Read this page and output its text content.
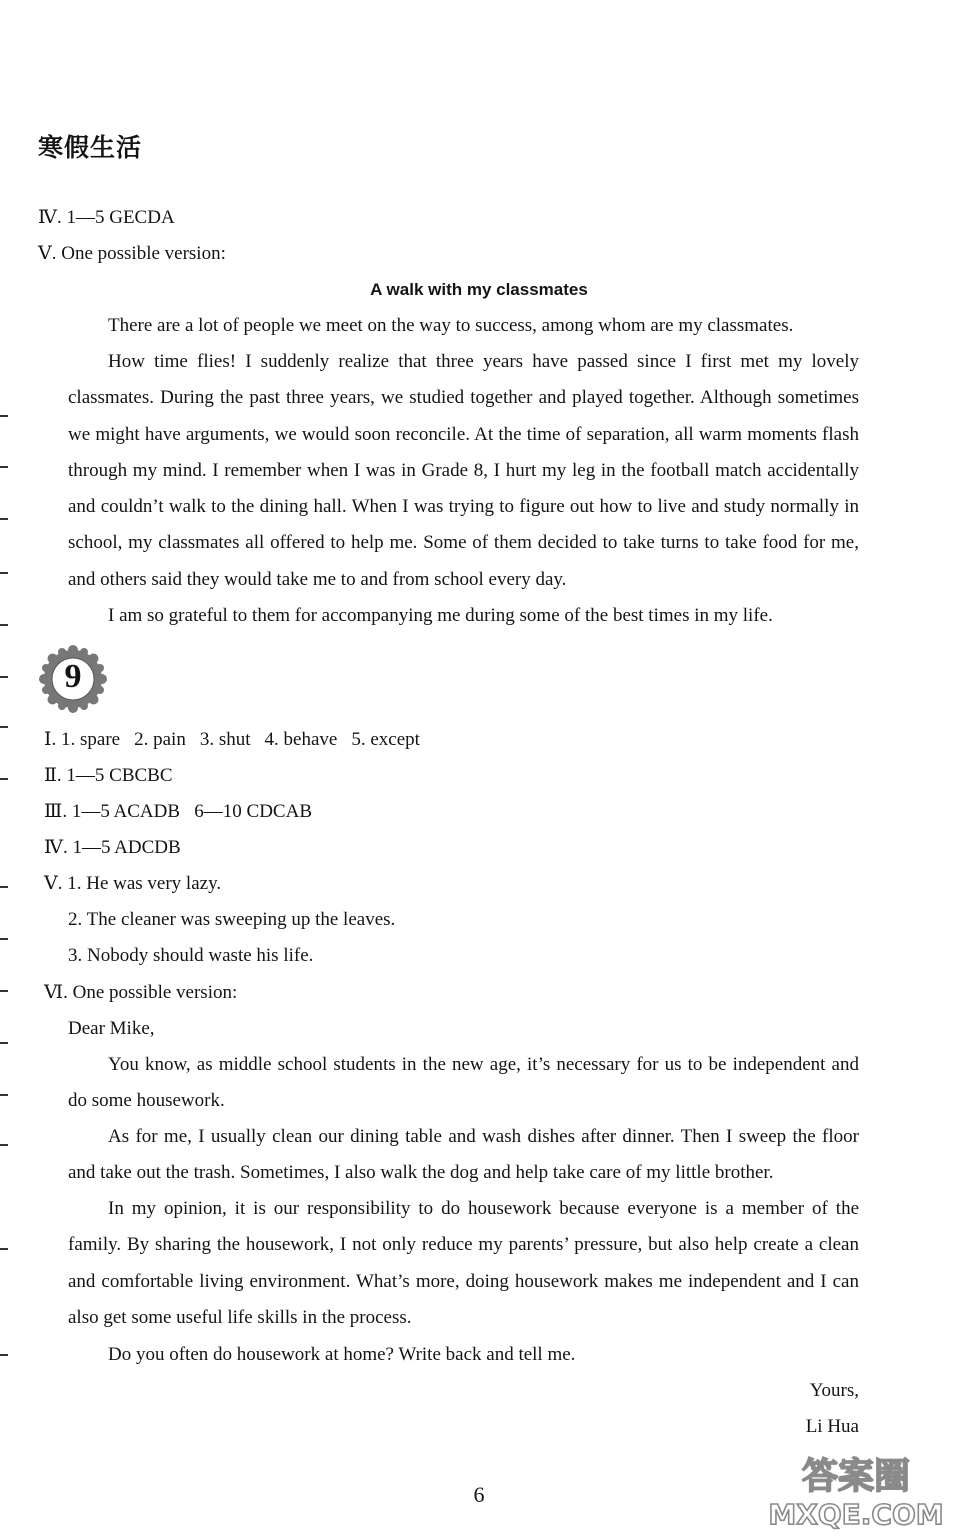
寒假生活
Ⅳ. 1—5 GECDA
Ⅴ. One possible version:
A walk with my classmates
There are a lot of people we meet on the way to success, among whom are my classmates.
How time flies! I suddenly realize that three years have passed since I first met my lovely classmates. During the past three years, we studied together and played together. Although sometimes we might have arguments, we would soon reconcile. At the time of separation, all warm moments flash through my mind. I remember when I was in Grade 8, I hurt my leg in the football match accidentally and couldn’t walk to the dining hall. When I was trying to figure out how to live and study normally in school, my classmates all offered to help me. Some of them decided to take turns to take food for me, and others said they would take me to and from school every day.
I am so grateful to them for accompanying me during some of the best times in my life.
9
Ⅰ. 1. spare 2. pain 3. shut 4. behave 5. except
Ⅱ. 1—5 CBCBC
Ⅲ. 1—5 ACADB   6—10 CDCAB
Ⅳ. 1—5 ADCDB
Ⅴ. 1. He was very lazy.
2. The cleaner was sweeping up the leaves.
3. Nobody should waste his life.
Ⅵ. One possible version:
Dear Mike,
You know, as middle school students in the new age, it’s necessary for us to be independent and do some housework.
As for me, I usually clean our dining table and wash dishes after dinner. Then I sweep the floor and take out the trash. Sometimes, I also walk the dog and help take care of my little brother.
In my opinion, it is our responsibility to do housework because everyone is a member of the family. By sharing the housework, I not only reduce my parents’ pressure, but also help create a clean and comfortable living environment. What’s more, doing housework makes me independent and I can also get some useful life skills in the process.
Do you often do housework at home? Write back and tell me.
Yours,
Li Hua
6	答案圈
MXQE.COM
